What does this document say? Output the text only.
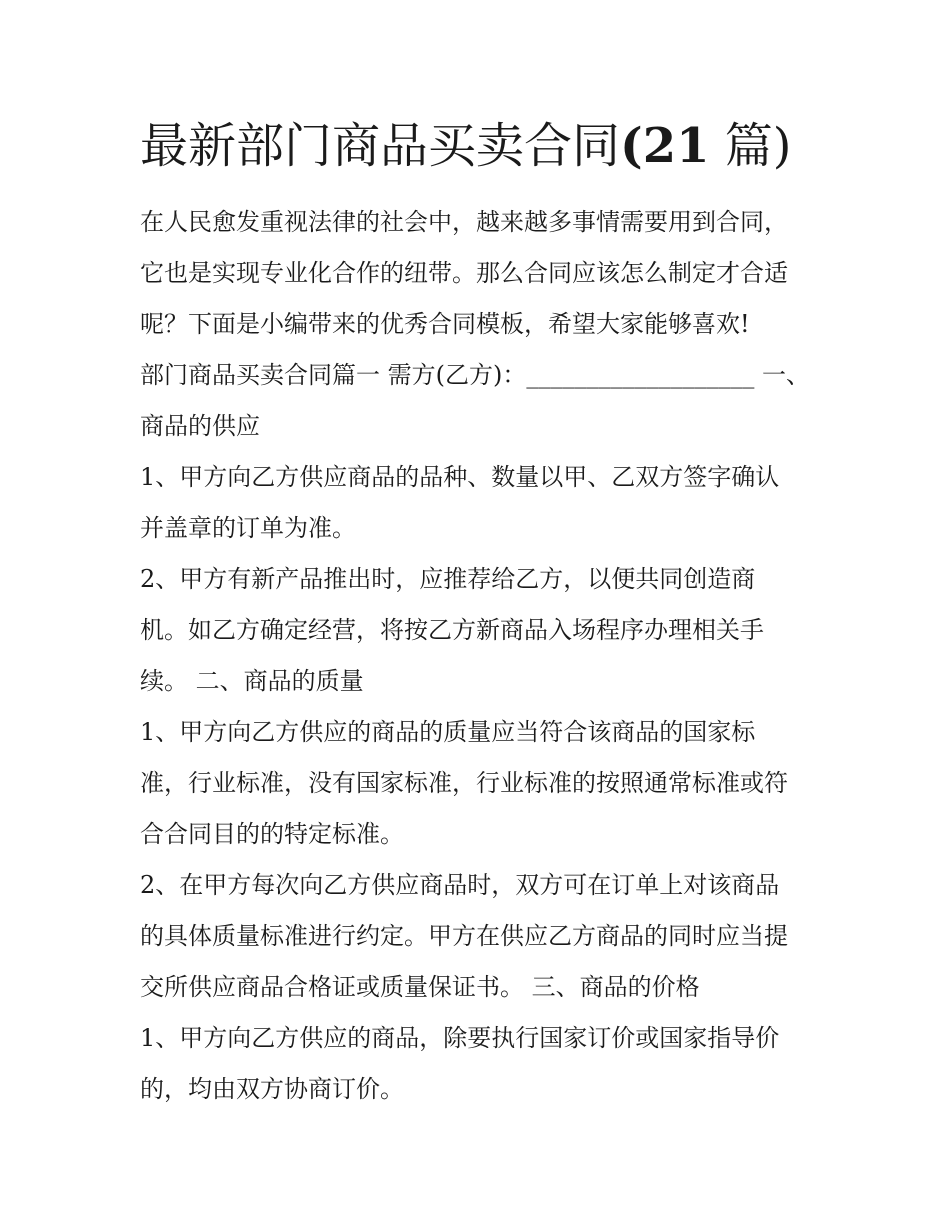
最新部门商品买卖合同(21 篇)
在人民愈发重视法律的社会中，越来越多事情需要用到合同，
它也是实现专业化合作的纽带。那么合同应该怎么制定才合适
呢？下面是小编带来的优秀合同模板，希望大家能够喜欢!
部门商品买卖合同篇一 需方(乙方)：___________________ 一、
商品的供应
1、甲方向乙方供应商品的品种、数量以甲、乙双方签字确认
并盖章的订单为准。
2、甲方有新产品推出时，应推荐给乙方，以便共同创造商
机。如乙方确定经营，将按乙方新商品入场程序办理相关手
续。 二、商品的质量
1、甲方向乙方供应的商品的质量应当符合该商品的国家标
准，行业标准，没有国家标准，行业标准的按照通常标准或符
合合同目的的特定标准。
2、在甲方每次向乙方供应商品时，双方可在订单上对该商品
的具体质量标准进行约定。甲方在供应乙方商品的同时应当提
交所供应商品合格证或质量保证书。 三、商品的价格
1、甲方向乙方供应的商品，除要执行国家订价或国家指导价
的，均由双方协商订价。
